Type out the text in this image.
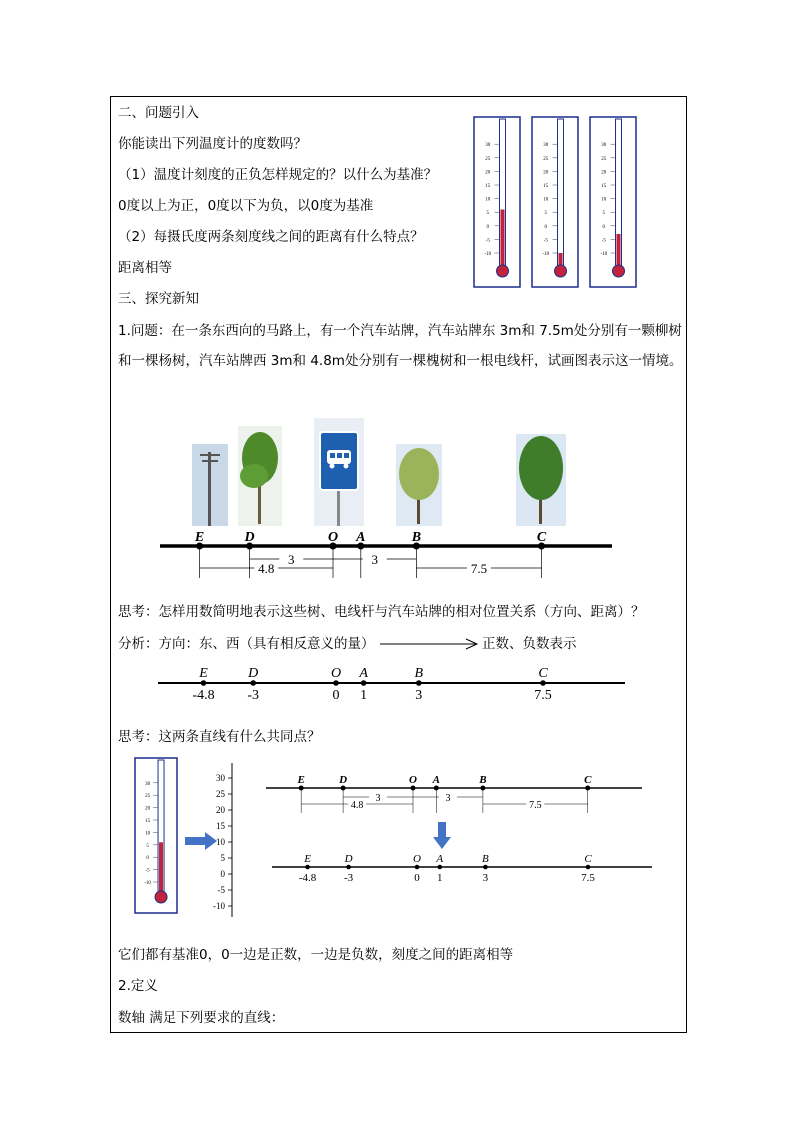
二、问题引入
你能读出下列温度计的度数吗？
（1）温度计刻度的正负怎样规定的？以什么为基准？
0度以上为正，0度以下为负，以0度为基准
（2）每摄氏度两条刻度线之间的距离有什么特点？
距离相等
30
25
20
15
10
5
0
-5
-10
30
25
20
15
10
5
0
-5
-10
30
25
20
15
10
5
0
-5
-10
三、探究新知
1.问题：在一条东西向的马路上，有一个汽车站牌，汽车站牌东 3m和 7.5m处分别有一颗柳树和一棵杨树，汽车站牌西 3m和 4.8m处分别有一棵槐树和一根电线杆，试画图表示这一情境。
E	D	O A	B	C
4.8
3	3
7.5
思考：怎样用数简明地表示这些树、电线杆与汽车站牌的相对位置关系（方向、距离）？
分析：方向：东、西（具有相反意义的量）	正数、负数表示
E
-4.8
D
-3
O
0
A
1
B
3
C
7.5
思考：这两条直线有什么共同点？
30
25
20
15
10
5
0
-5
-10
30
25
20
15
10
5
0
-5
-10
E	D	O A	B	C
4.8
3	3
7.5
E
-4.8
D
-3
O
0
A
1
B
3
C
7.5
它们都有基准0，0一边是正数，一边是负数，刻度之间的距离相等
2.定义
数轴 满足下列要求的直线：
